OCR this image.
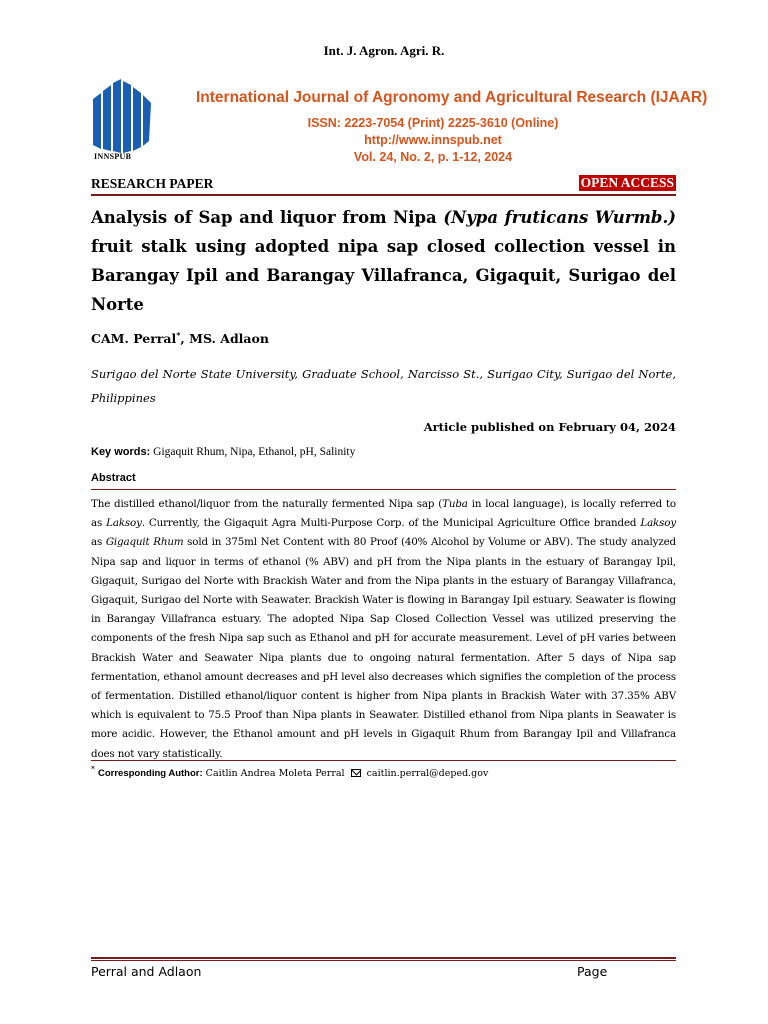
Int. J. Agron. Agri. R.
INNSPUB
International Journal of Agronomy and Agricultural Research (IJAAR)
ISSN: 2223-7054 (Print) 2225-3610 (Online)
http://www.innspub.net
Vol. 24, No. 2, p. 1-12, 2024
RESEARCH PAPER	OPEN ACCESS
Analysis of Sap and liquor from Nipa (Nypa fruticans Wurmb.) fruit stalk using adopted nipa sap closed collection vessel in Barangay Ipil and Barangay Villafranca, Gigaquit, Surigao del Norte
CAM. Perral*, MS. Adlaon
Surigao del Norte State University, Graduate School, Narcisso St., Surigao City, Surigao del Norte, Philippines
Article published on February 04, 2024
Key words: Gigaquit Rhum, Nipa, Ethanol, pH, Salinity
Abstract

The distilled ethanol/liquor from the naturally fermented Nipa sap (Tuba in local language), is locally referred to as Laksoy. Currently, the Gigaquit Agra Multi-Purpose Corp. of the Municipal Agriculture Office branded Laksoy as Gigaquit Rhum sold in 375ml Net Content with 80 Proof (40% Alcohol by Volume or ABV). The study analyzed Nipa sap and liquor in terms of ethanol (% ABV) and pH from the Nipa plants in the estuary of Barangay Ipil, Gigaquit, Surigao del Norte with Brackish Water and from the Nipa plants in the estuary of Barangay Villafranca, Gigaquit, Surigao del Norte with Seawater. Brackish Water is flowing in Barangay Ipil estuary. Seawater is flowing in Barangay Villafranca estuary. The adopted Nipa Sap Closed Collection Vessel was utilized preserving the components of the fresh Nipa sap such as Ethanol and pH for accurate measurement. Level of pH varies between Brackish Water and Seawater Nipa plants due to ongoing natural fermentation. After 5 days of Nipa sap fermentation, ethanol amount decreases and pH level also decreases which signifies the completion of the process of fermentation. Distilled ethanol/liquor content is higher from Nipa plants in Brackish Water with 37.35% ABV which is equivalent to 75.5 Proof than Nipa plants in Seawater. Distilled ethanol from Nipa plants in Seawater is more acidic. However, the Ethanol amount and pH levels in Gigaquit Rhum from Barangay Ipil and Villafranca does not vary statistically.

* Corresponding Author: Caitlin Andrea Moleta Perral  caitlin.perral@deped.gov
Perral and Adlaon	Page
